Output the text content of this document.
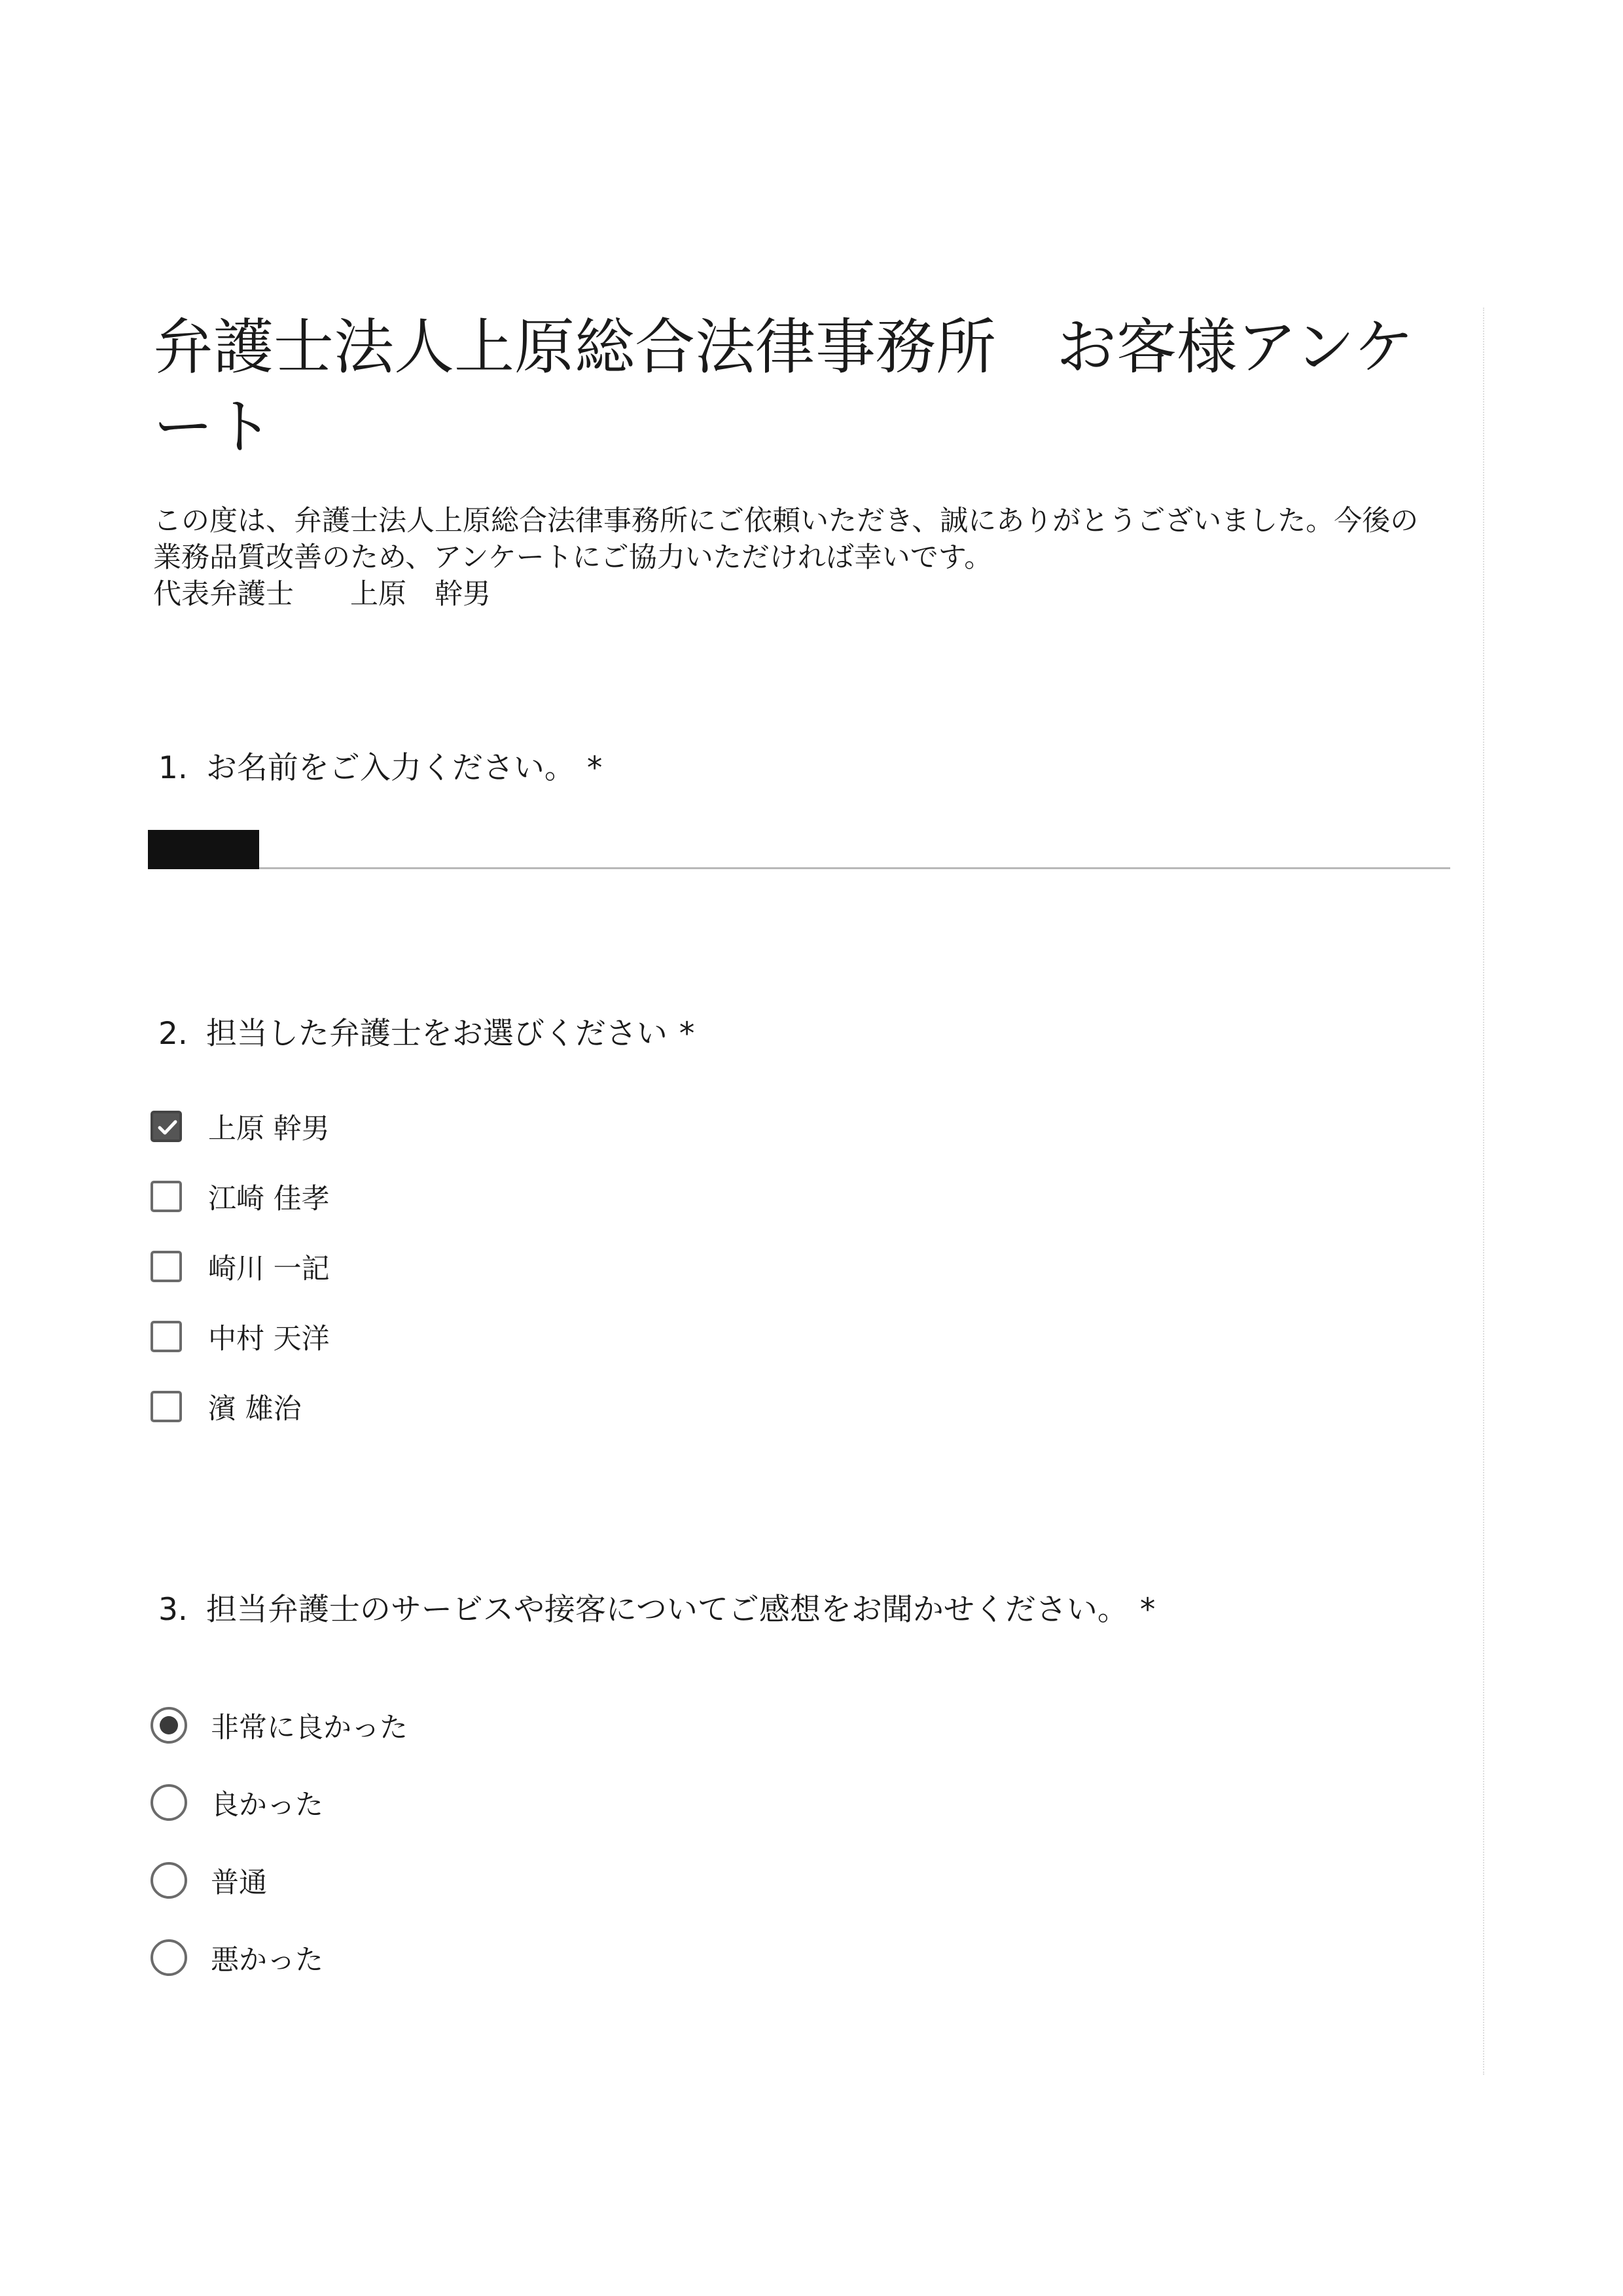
弁護士法人上原総合法律事務所　お客様アンケート
この度は、弁護士法人上原総合法律事務所にご依頼いただき、誠にありがとうございました。今後の
業務品質改善のため、アンケートにご協力いただければ幸いです。
代表弁護士　　上原　幹男
1. お名前をご入力ください。 *
2. 担当した弁護士をお選びください *
上原 幹男
江崎 佳孝
崎川 一記
中村 天洋
濱 雄治
3. 担当弁護士のサービスや接客についてご感想をお聞かせください。 *
非常に良かった
良かった
普通
悪かった
